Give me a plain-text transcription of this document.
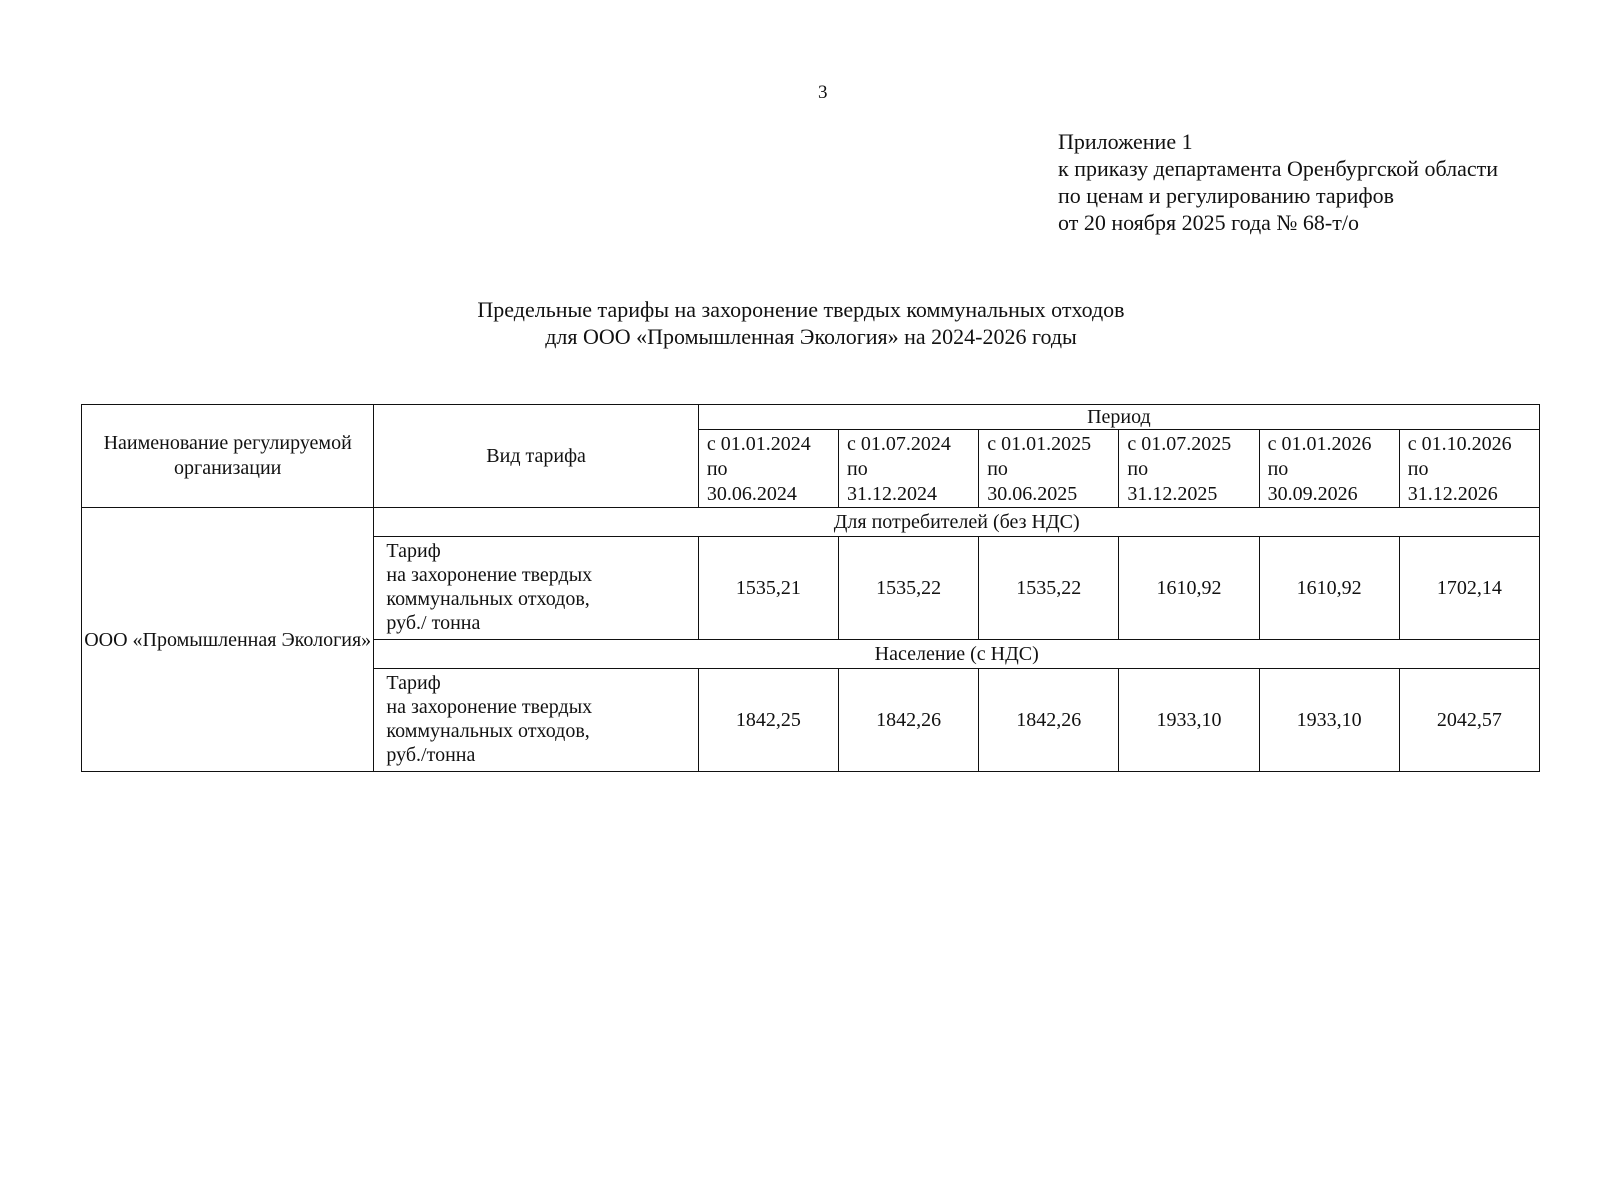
3
Приложение 1
к приказу департамента Оренбургской области
по ценам и регулированию тарифов
от 20 ноября 2025 года № 68-т/о
Предельные тарифы на захоронение твердых коммунальных отходов
для ООО «Промышленная Экология» на 2024-2026 годы
Наименование регулируемой организации	Вид тарифа	Период					

		с 01.01.2024
по
30.06.2024	с 01.07.2024
по
31.12.2024	с 01.01.2025
по
30.06.2025	с 01.07.2025
по
31.12.2025	с 01.01.2026
по
30.09.2026	с 01.10.2026
по
31.12.2026

ООО «Промышленная Экология»	Для потребителей (без НДС)						

	Тариф
на захоронение твердых
коммунальных отходов,
руб./ тонна	1535,21	1535,22	1535,22	1610,92	1610,92	1702,14
	Население (с НДС)						

	Тариф
на захоронение твердых
коммунальных отходов,
руб./тонна	1842,25	1842,26	1842,26	1933,10	1933,10	2042,57
